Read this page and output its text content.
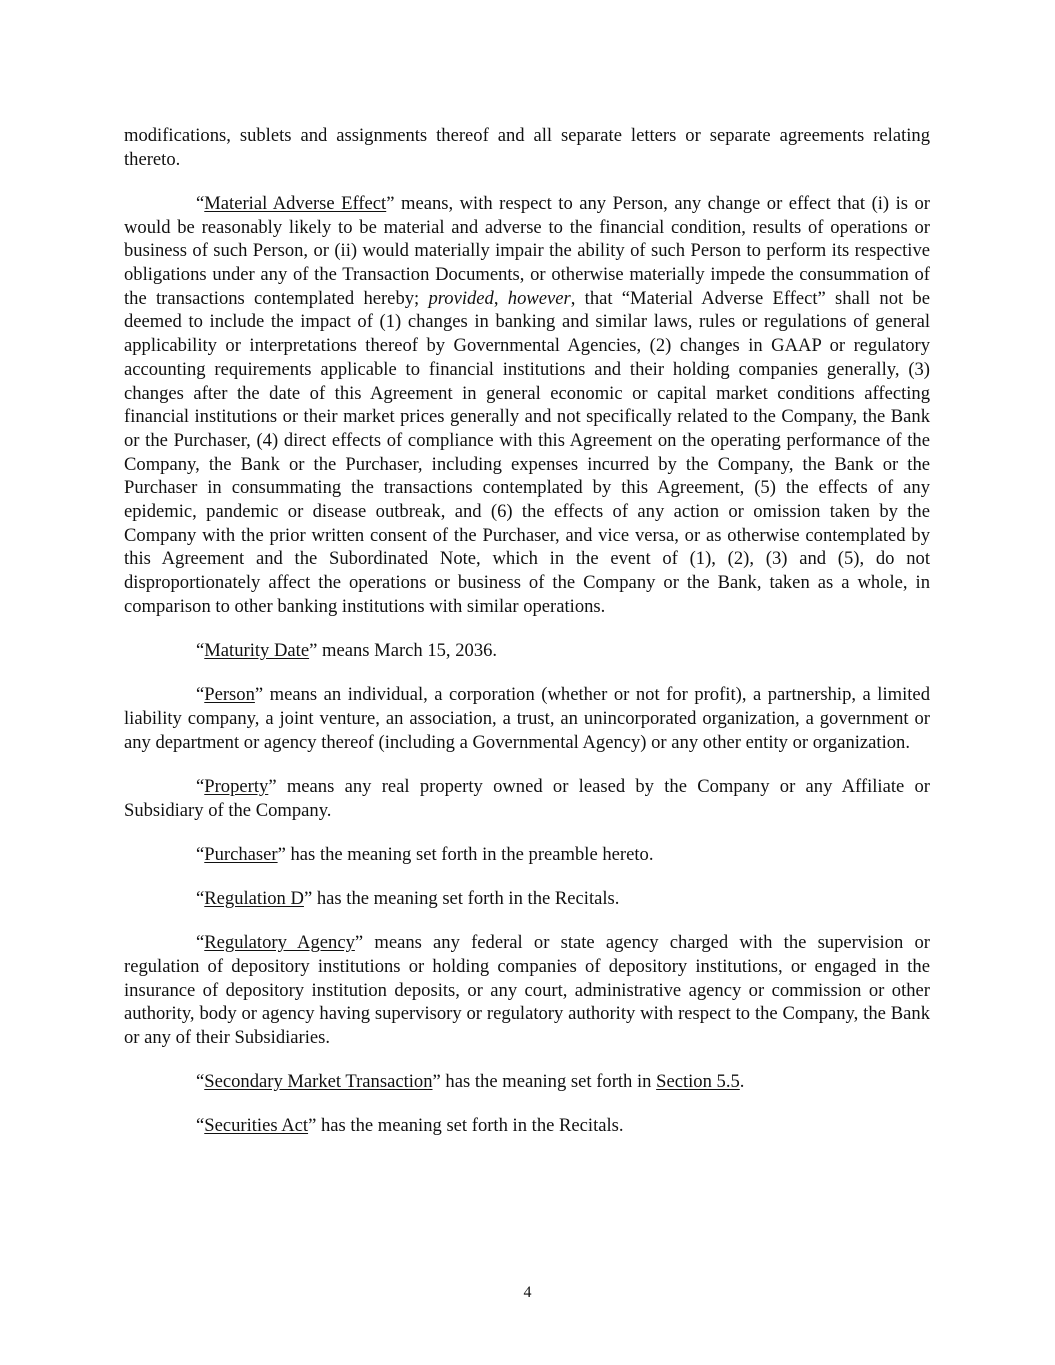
modifications, sublets and assignments thereof and all separate letters or separate agreements relating thereto.

“Material Adverse Effect” means, with respect to any Person, any change or effect that (i) is or would be reasonably likely to be material and adverse to the financial condition, results of operations or business of such Person, or (ii) would materially impair the ability of such Person to perform its respective obligations under any of the Transaction Documents, or otherwise materially impede the consummation of the transactions contemplated hereby; provided, however, that “Material Adverse Effect” shall not be deemed to include the impact of (1) changes in banking and similar laws, rules or regulations of general applicability or interpretations thereof by Governmental Agencies, (2) changes in GAAP or regulatory accounting requirements applicable to financial institutions and their holding companies generally, (3) changes after the date of this Agreement in general economic or capital market conditions affecting financial institutions or their market prices generally and not specifically related to the Company, the Bank or the Purchaser, (4) direct effects of compliance with this Agreement on the operating performance of the Company, the Bank or the Purchaser, including expenses incurred by the Company, the Bank or the Purchaser in consummating the transactions contemplated by this Agreement, (5) the effects of any epidemic, pandemic or disease outbreak, and (6) the effects of any action or omission taken by the Company with the prior written consent of the Purchaser, and vice versa, or as otherwise contemplated by this Agreement and the Subordinated Note, which in the event of (1), (2), (3) and (5), do not disproportionately affect the operations or business of the Company or the Bank, taken as a whole, in comparison to other banking institutions with similar operations.

“Maturity Date” means March 15, 2036.

“Person” means an individual, a corporation (whether or not for profit), a partnership, a limited liability company, a joint venture, an association, a trust, an unincorporated organization, a government or any department or agency thereof (including a Governmental Agency) or any other entity or organization.

“Property” means any real property owned or leased by the Company or any Affiliate or Subsidiary of the Company.

“Purchaser” has the meaning set forth in the preamble hereto.

“Regulation D” has the meaning set forth in the Recitals.

“Regulatory Agency” means any federal or state agency charged with the supervision or regulation of depository institutions or holding companies of depository institutions, or engaged in the insurance of depository institution deposits, or any court, administrative agency or commission or other authority, body or agency having supervisory or regulatory authority with respect to the Company, the Bank or any of their Subsidiaries.

“Secondary Market Transaction” has the meaning set forth in Section 5.5.

“Securities Act” has the meaning set forth in the Recitals.

4
